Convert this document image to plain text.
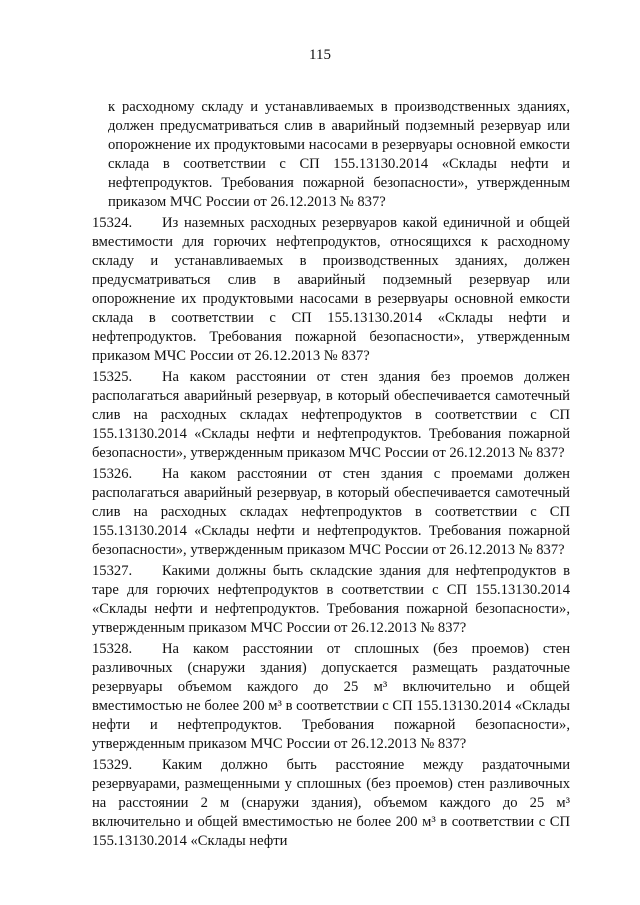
115

к расходному складу и устанавливаемых в производственных зданиях, должен предусматриваться слив в аварийный подземный резервуар или опорожнение их продуктовыми насосами в резервуары основной емкости склада в соответствии с СП 155.13130.2014 «Склады нефти и нефтепродуктов. Требования пожарной безопасности», утвержденным приказом МЧС России от 26.12.2013 № 837?

15324. Из наземных расходных резервуаров какой единичной и общей вместимости для горючих нефтепродуктов, относящихся к расходному складу и устанавливаемых в производственных зданиях, должен предусматриваться слив в аварийный подземный резервуар или опорожнение их продуктовыми насосами в резервуары основной емкости склада в соответствии с СП 155.13130.2014 «Склады нефти и нефтепродуктов. Требования пожарной безопасности», утвержденным приказом МЧС России от 26.12.2013 № 837?

15325. На каком расстоянии от стен здания без проемов должен располагаться аварийный резервуар, в который обеспечивается самотечный слив на расходных складах нефтепродуктов в соответствии с СП 155.13130.2014 «Склады нефти и нефтепродуктов. Требования пожарной безопасности», утвержденным приказом МЧС России от 26.12.2013 № 837?

15326. На каком расстоянии от стен здания с проемами должен располагаться аварийный резервуар, в который обеспечивается самотечный слив на расходных складах нефтепродуктов в соответствии с СП 155.13130.2014 «Склады нефти и нефтепродуктов. Требования пожарной безопасности», утвержденным приказом МЧС России от 26.12.2013 № 837?

15327. Какими должны быть складские здания для нефтепродуктов в таре для горючих нефтепродуктов в соответствии с СП 155.13130.2014 «Склады нефти и нефтепродуктов. Требования пожарной безопасности», утвержденным приказом МЧС России от 26.12.2013 № 837?

15328. На каком расстоянии от сплошных (без проемов) стен разливочных (снаружи здания) допускается размещать раздаточные резервуары объемом каждого до 25 м³ включительно и общей вместимостью не более 200 м³ в соответствии с СП 155.13130.2014 «Склады нефти и нефтепродуктов. Требования пожарной безопасности», утвержденным приказом МЧС России от 26.12.2013 № 837?

15329. Каким должно быть расстояние между раздаточными резервуарами, размещенными у сплошных (без проемов) стен разливочных на расстоянии 2 м (снаружи здания), объемом каждого до 25 м³ включительно и общей вместимостью не более 200 м³ в соответствии с СП 155.13130.2014 «Склады нефти
